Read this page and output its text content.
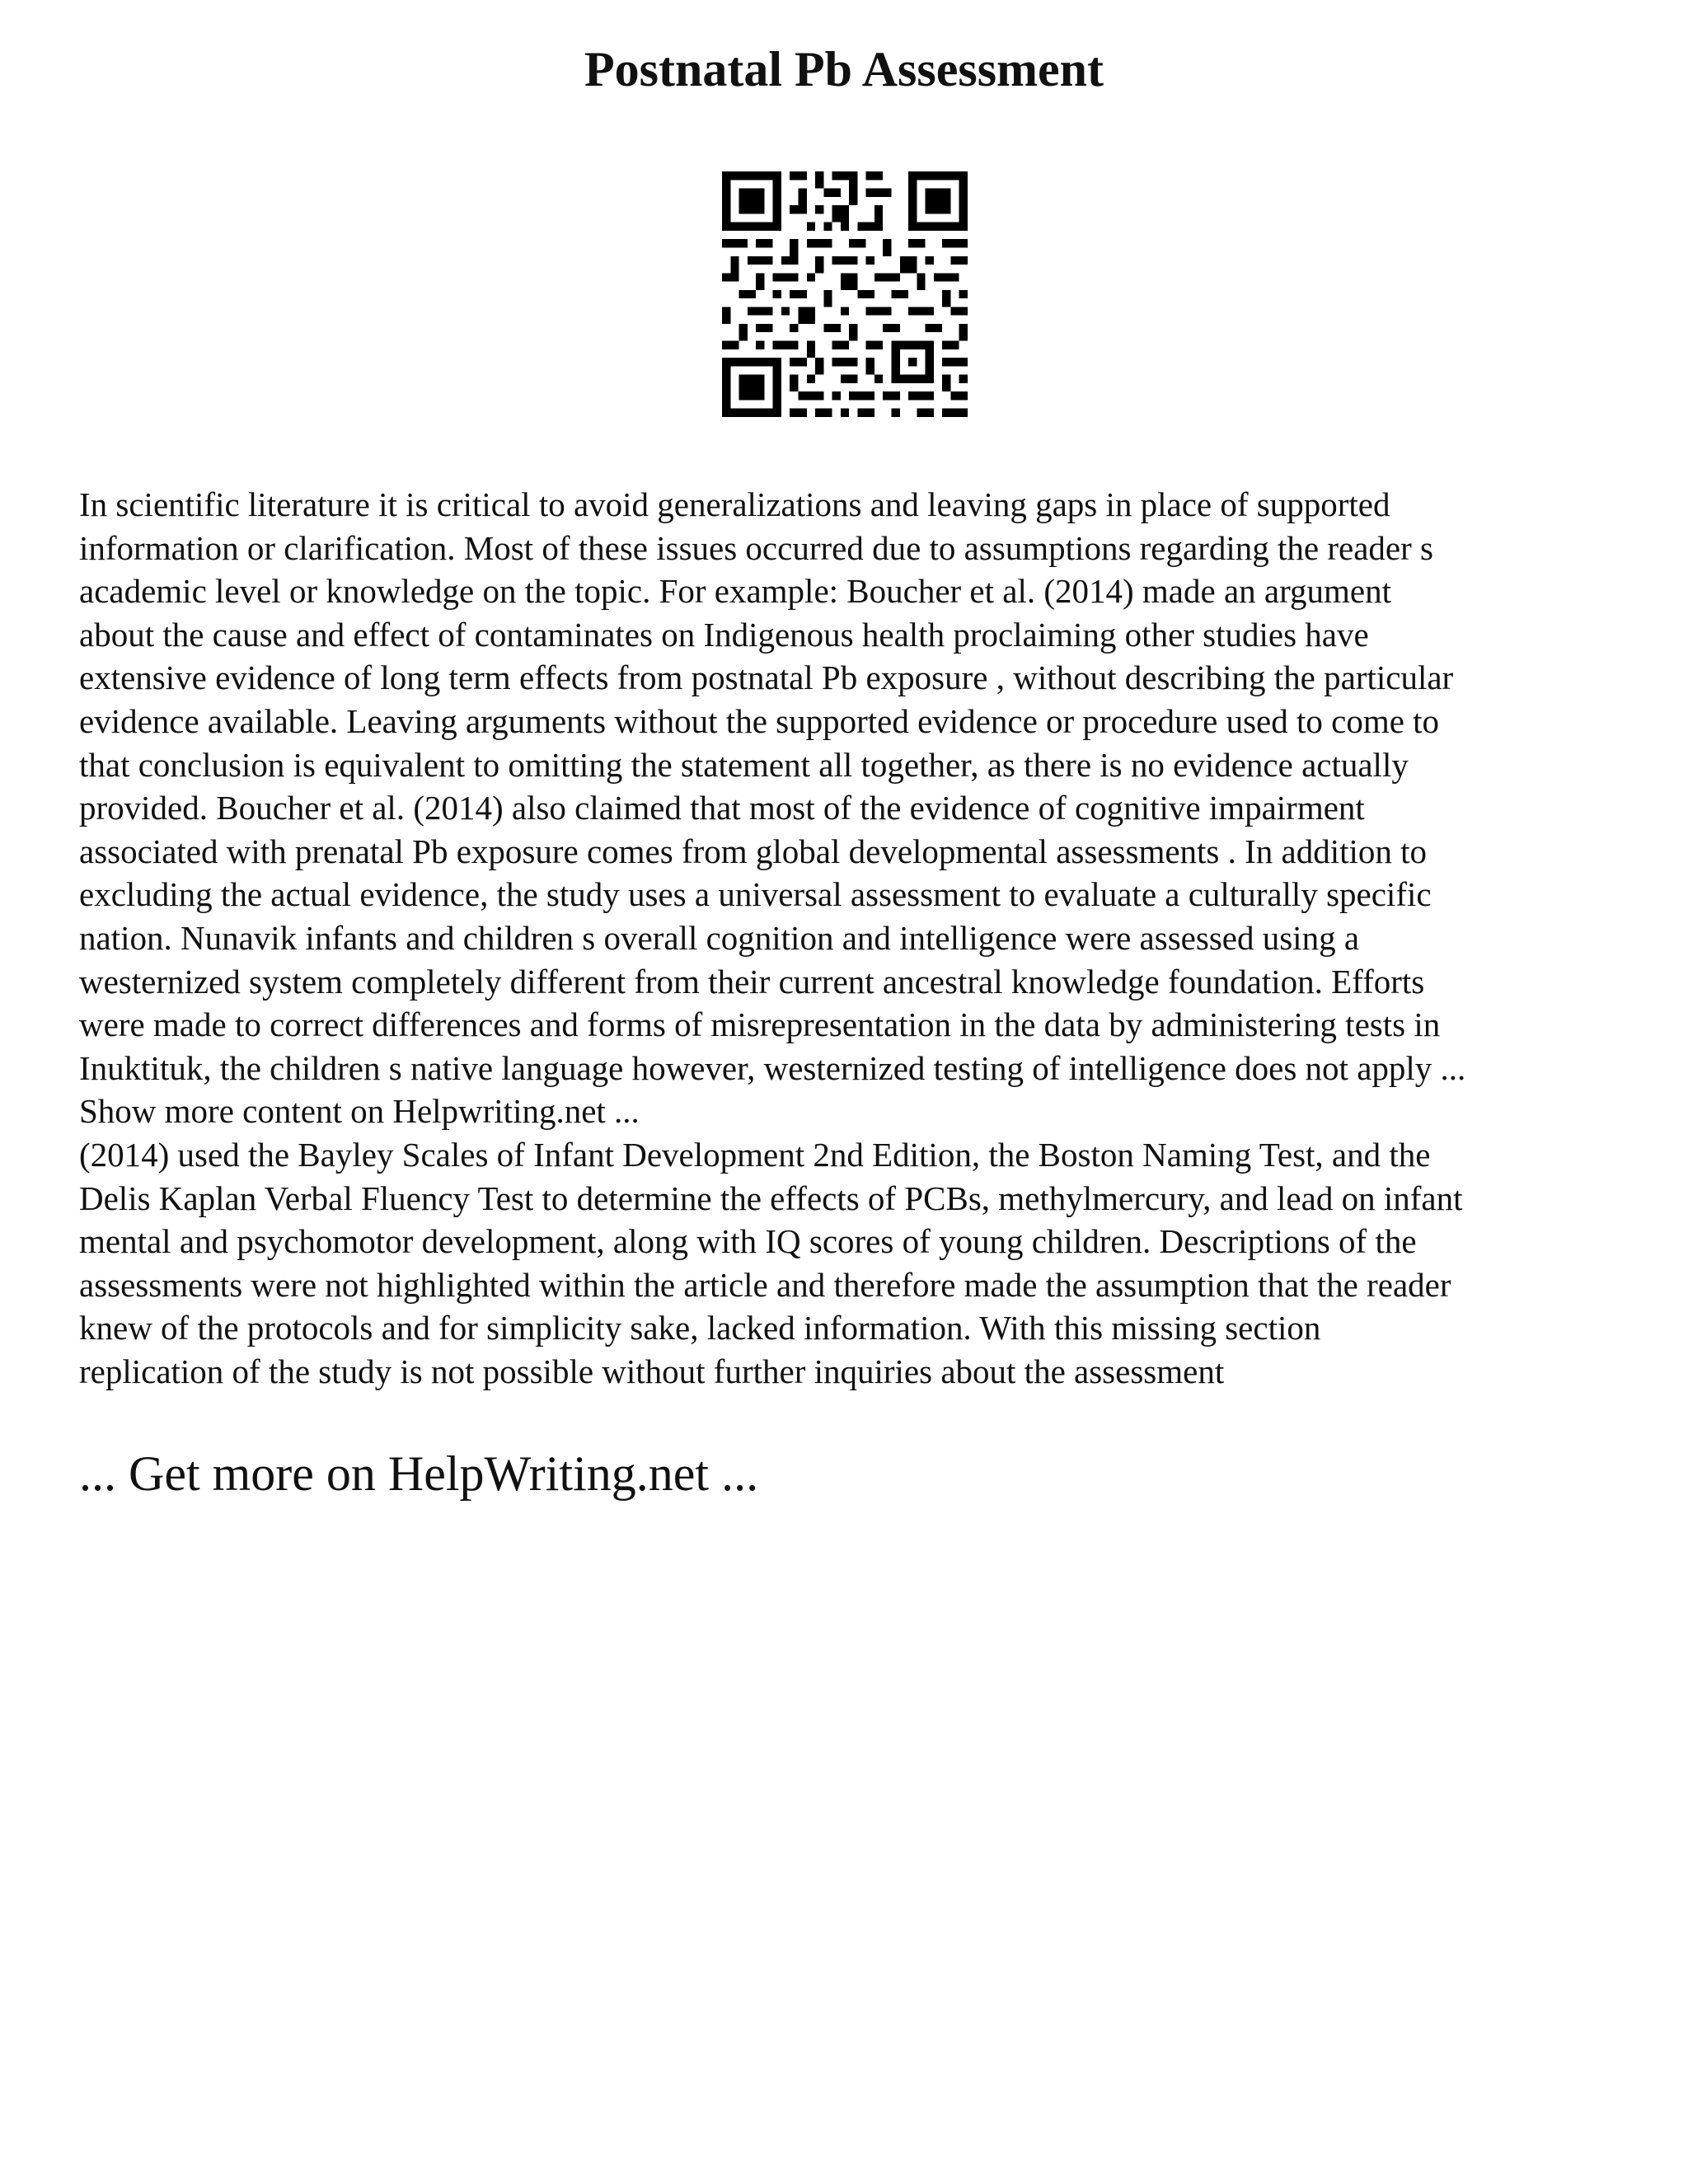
Postnatal Pb Assessment
In scientific literature it is critical to avoid generalizations and leaving gaps in place of supported
information or clarification. Most of these issues occurred due to assumptions regarding the reader s
academic level or knowledge on the topic. For example: Boucher et al. (2014) made an argument
about the cause and effect of contaminates on Indigenous health proclaiming other studies have
extensive evidence of long term effects from postnatal Pb exposure , without describing the particular
evidence available. Leaving arguments without the supported evidence or procedure used to come to
that conclusion is equivalent to omitting the statement all together, as there is no evidence actually
provided. Boucher et al. (2014) also claimed that most of the evidence of cognitive impairment
associated with prenatal Pb exposure comes from global developmental assessments . In addition to
excluding the actual evidence, the study uses a universal assessment to evaluate a culturally specific
nation. Nunavik infants and children s overall cognition and intelligence were assessed using a
westernized system completely different from their current ancestral knowledge foundation. Efforts
were made to correct differences and forms of misrepresentation in the data by administering tests in
Inuktituk, the children s native language however, westernized testing of intelligence does not apply ...
Show more content on Helpwriting.net ...
(2014) used the Bayley Scales of Infant Development 2nd Edition, the Boston Naming Test, and the
Delis Kaplan Verbal Fluency Test to determine the effects of PCBs, methylmercury, and lead on infant
mental and psychomotor development, along with IQ scores of young children. Descriptions of the
assessments were not highlighted within the article and therefore made the assumption that the reader
knew of the protocols and for simplicity sake, lacked information. With this missing section
replication of the study is not possible without further inquiries about the assessment
... Get more on HelpWriting.net ...
